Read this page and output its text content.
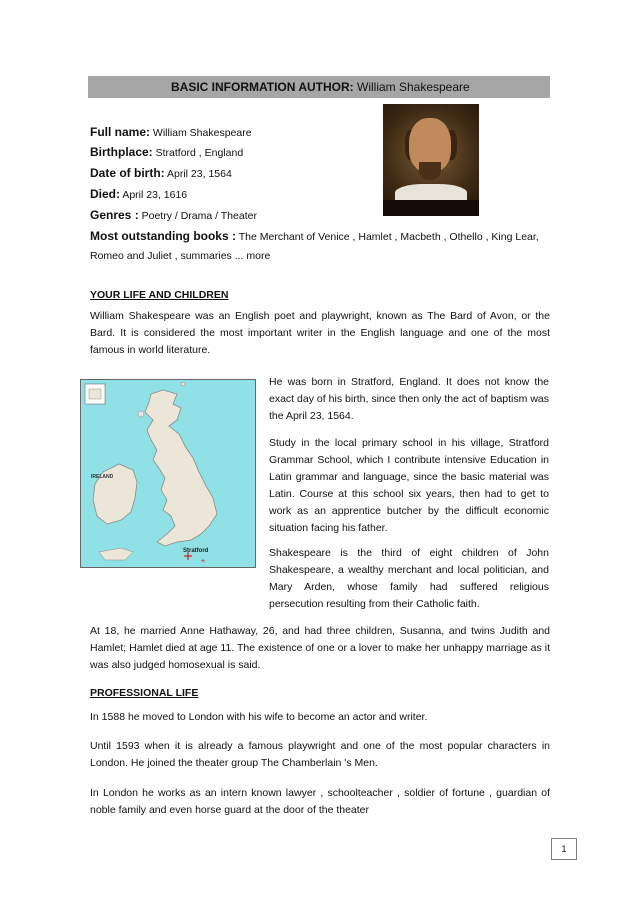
BASIC INFORMATION AUTHOR: William Shakespeare
Full name: William Shakespeare
Birthplace: Stratford , England
Date of birth: April 23, 1564
Died: April 23, 1616
Genres : Poetry / Drama / Theater
Most outstanding books : The Merchant of Venice , Hamlet , Macbeth , Othello , King Lear,
Romeo and Juliet , summaries ... more
YOUR LIFE AND CHILDREN

William Shakespeare was an English poet and playwright, known as The Bard of Avon, or the Bard. It is considered the most important writer in the English language and one of the most famous in world literature.

IRELAND
Stratford
+

He was born in Stratford, England. It does not know the exact day of his birth, since then only the act of baptism was the April 23, 1564.

Study in the local primary school in his village, Stratford Grammar School, which I contribute intensive Education in Latin grammar and language, since the basic material was Latin. Course at this school six years, then had to get to work as an apprentice butcher by the difficult economic situation facing his father.

Shakespeare is the third of eight children of John Shakespeare, a wealthy merchant and local politician, and Mary Arden, whose family had suffered religious persecution resulting from their Catholic faith.

At 18, he married Anne Hathaway, 26, and had three children, Susanna, and twins Judith and Hamlet; Hamlet died at age 11. The existence of one or a lover to make her unhappy marriage as it was also judged homosexual is said.

PROFESSIONAL LIFE

In 1588 he moved to London with his wife to become an actor and writer.

Until 1593 when it is already a famous playwright and one of the most popular characters in London. He joined the theater group The Chamberlain 's Men.

In London he works as an intern known lawyer , schoolteacher , soldier of fortune , guardian of noble family and even horse guard at the door of the theater

1
